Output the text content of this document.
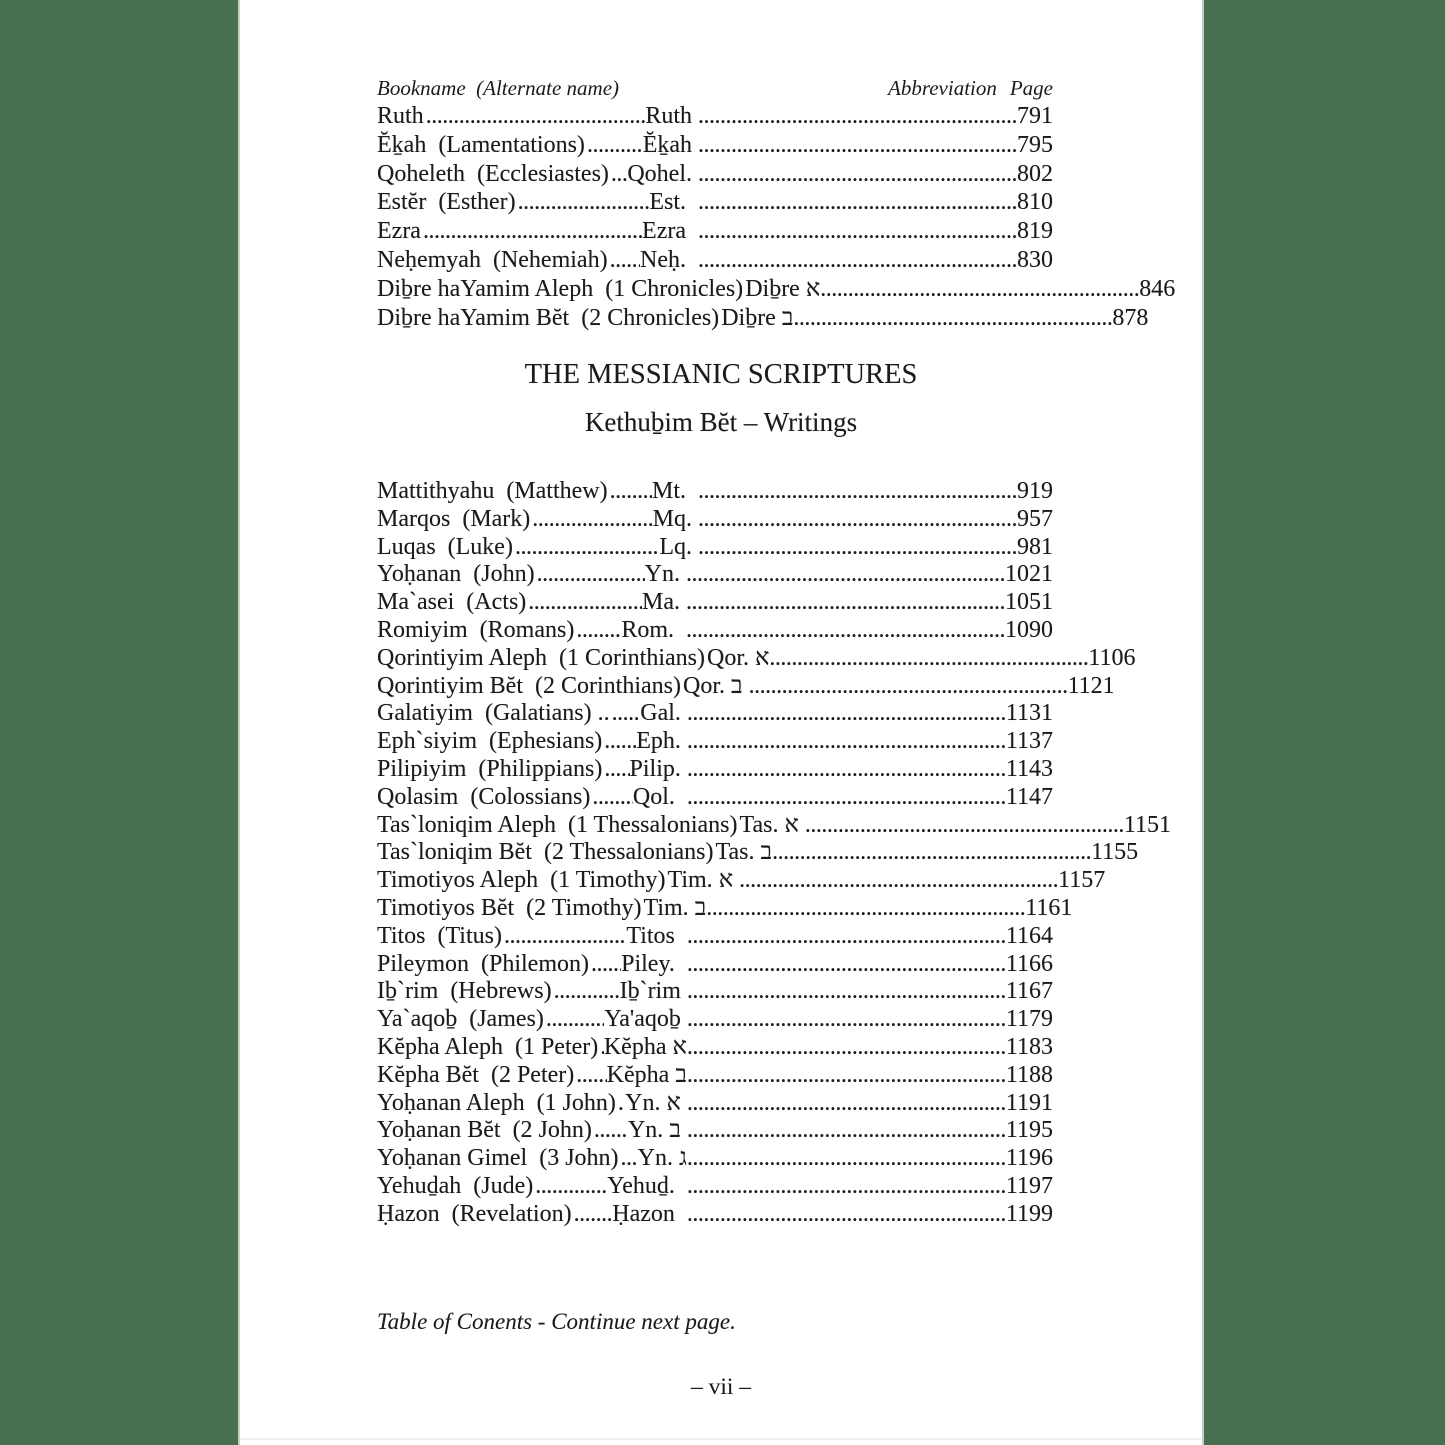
Bookname  (Alternate name)	Abbreviation Page
Ruth .....	Ruth .....	791
Ĕḵah  (Lamentations) ..... Ĕḵah .....	795
Qoheleth  (Ecclesiastes) ..... Qohel. .....	802
Estĕr  (Esther) .....	Est. .....	810
Ezra .....	Ezra .....	819
Neḥemyah  (Nehemiah) ..... Neḥ. .....	830
Diḇre haYamim Aleph  (1 Chronicles) ..... Diḇre א .....	846
Diḇre haYamim Bĕt  (2 Chronicles) ..... Diḇre ב .....	878
THE MESSIANIC SCRIPTURES
Kethuḇim Bĕt – Writings
Mattithyahu  (Matthew) ..... Mt. .....	919
Marqos  (Mark) .....	Mq. .....	957
Luqas  (Luke) .....	Lq. .....	981
Yoḥanan  (John) .....	Yn. .....	1021
Ma`asei  (Acts) .....	Ma. .....	1051
Romiyim  (Romans) ..... Rom. .....	1090
Qorintiyim Aleph  (1 Corinthians) ..... Qor. א .....	1106
Qorintiyim Bĕt  (2 Corinthians) ..... Qor. ב .....	1121
Galatiyim  (Galatians) .. ..... Gal. .....	1131
Eph`siyim  (Ephesians) ..... Eph. .....	1137
Pilipiyim  (Philippians) ..... Pilip. .....	1143
Qolasim  (Colossians) ..... Qol. .....	1147
Tas`loniqim Aleph  (1 Thessalonians) ..... Tas. א .....	1151
Tas`loniqim Bĕt  (2 Thessalonians) ..... Tas. ב .....	1155
Timotiyos Aleph  (1 Timothy) ..... Tim. א .....	1157
Timotiyos Bĕt  (2 Timothy) ..... Tim. ב .....	1161
Titos  (Titus) .....	Titos .....	1164
Pileymon  (Philemon) ..... Piley. .....	1166
Iḇ`rim  (Hebrews) .....	Iḇ`rim .....	1167
Ya`aqoḇ  (James) .....	Ya'aqoḇ .....	1179
Kĕpha Aleph  (1 Peter) ..... Kĕpha א .....	1183
Kĕpha Bĕt  (2 Peter) ..... Kĕpha ב .....	1188
Yoḥanan Aleph  (1 John) ..... Yn. א .....	1191
Yoḥanan Bĕt  (2 John) ..... Yn. ב .....	1195
Yoḥanan Gimel  (3 John) ..... Yn. ג .....	1196
Yehuḏah  (Jude) .....	Yehuḏ. .....	1197
Ḥazon  (Revelation) ..... Ḥazon .....	1199
Table of Conents - Continue next page.
– vii –
